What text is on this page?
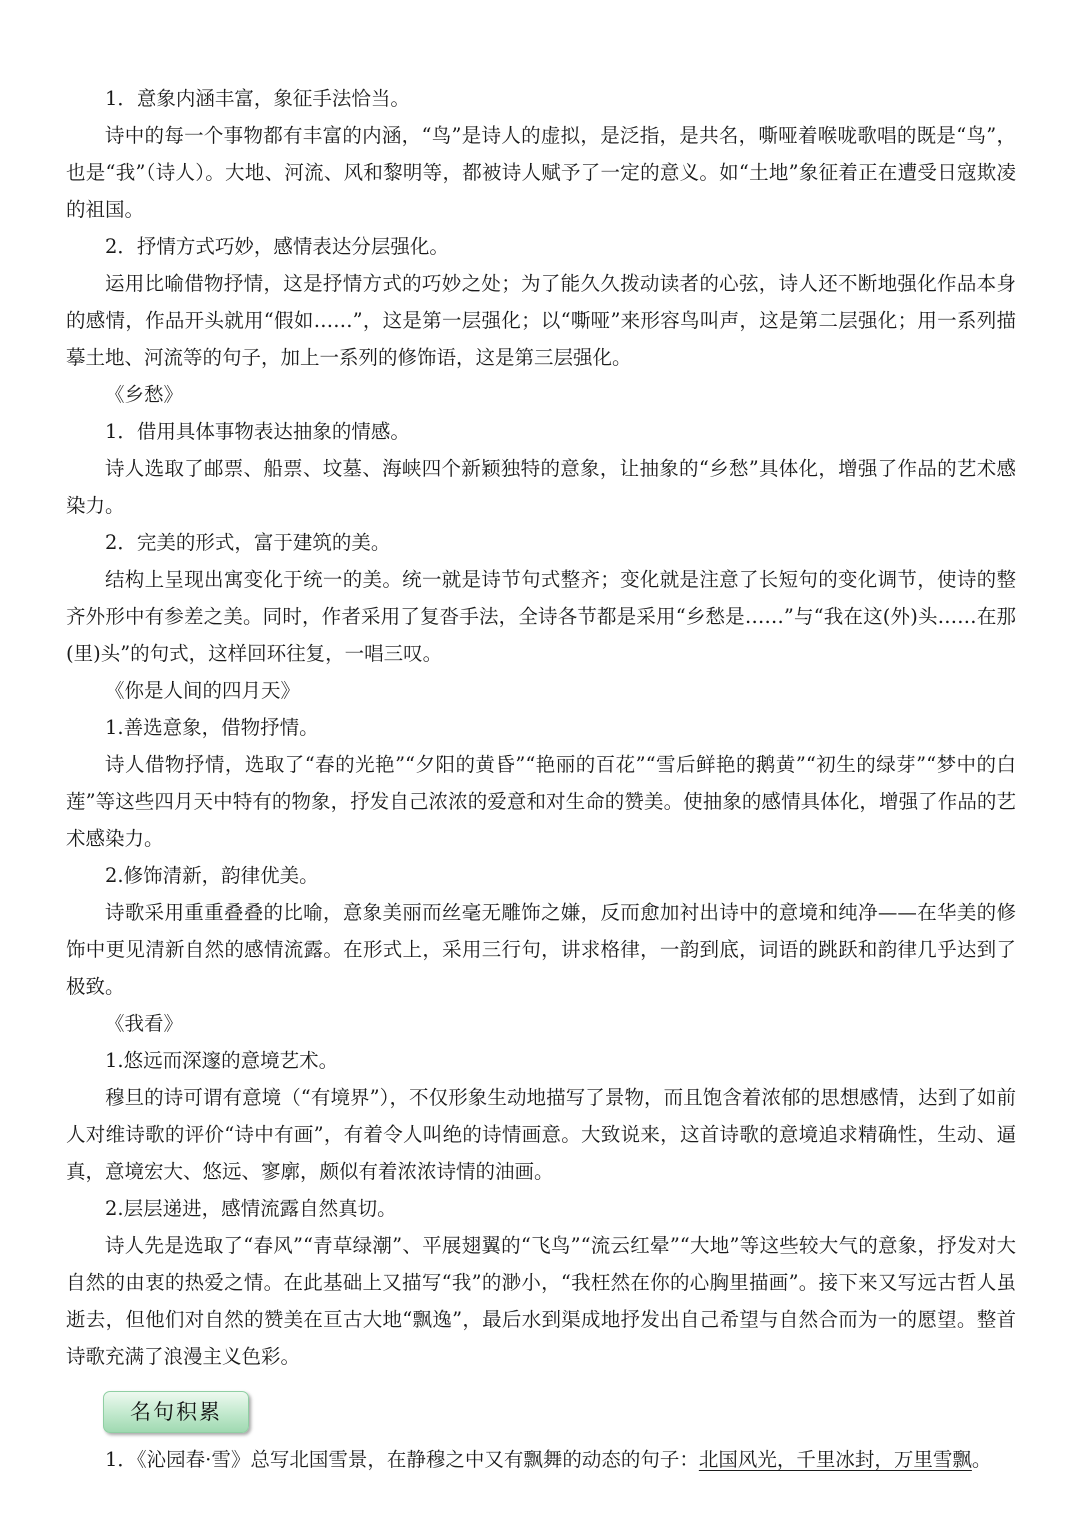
1．意象内涵丰富，象征手法恰当。

诗中的每一个事物都有丰富的内涵，“鸟”是诗人的虚拟，是泛指，是共名，嘶哑着喉咙歌唱的既是“鸟”，也是“我”（诗人）。大地、河流、风和黎明等，都被诗人赋予了一定的意义。如“土地”象征着正在遭受日寇欺凌的祖国。

2．抒情方式巧妙，感情表达分层强化。

运用比喻借物抒情，这是抒情方式的巧妙之处；为了能久久拨动读者的心弦，诗人还不断地强化作品本身的感情，作品开头就用“假如……”，这是第一层强化；以“嘶哑”来形容鸟叫声，这是第二层强化；用一系列描摹土地、河流等的句子，加上一系列的修饰语，这是第三层强化。

《乡愁》

1．借用具体事物表达抽象的情感。

诗人选取了邮票、船票、坟墓、海峡四个新颖独特的意象，让抽象的“乡愁”具体化，增强了作品的艺术感染力。

2．完美的形式，富于建筑的美。

结构上呈现出寓变化于统一的美。统一就是诗节句式整齐；变化就是注意了长短句的变化调节，使诗的整齐外形中有参差之美。同时，作者采用了复沓手法，全诗各节都是采用“乡愁是……”与“我在这(外)头……在那(里)头”的句式，这样回环往复，一唱三叹。

《你是人间的四月天》

1.善选意象，借物抒情。

诗人借物抒情，选取了“春的光艳”“夕阳的黄昏”“艳丽的百花”“雪后鲜艳的鹅黄”“初生的绿芽”“梦中的白莲”等这些四月天中特有的物象，抒发自己浓浓的爱意和对生命的赞美。使抽象的感情具体化，增强了作品的艺术感染力。

2.修饰清新，韵律优美。

诗歌采用重重叠叠的比喻，意象美丽而丝毫无雕饰之嫌，反而愈加衬出诗中的意境和纯净——在华美的修饰中更见清新自然的感情流露。在形式上，采用三行句，讲求格律，一韵到底，词语的跳跃和韵律几乎达到了极致。

《我看》

1.悠远而深邃的意境艺术。

穆旦的诗可谓有意境（“有境界”），不仅形象生动地描写了景物，而且饱含着浓郁的思想感情，达到了如前人对维诗歌的评价“诗中有画”，有着令人叫绝的诗情画意。大致说来，这首诗歌的意境追求精确性，生动、逼真，意境宏大、悠远、寥廓，颇似有着浓浓诗情的油画。

2.层层递进，感情流露自然真切。

诗人先是选取了“春风”“青草绿潮”、平展翅翼的“飞鸟”“流云红晕”“大地”等这些较大气的意象，抒发对大自然的由衷的热爱之情。在此基础上又描写“我”的渺小，“我枉然在你的心胸里描画”。接下来又写远古哲人虽逝去，但他们对自然的赞美在亘古大地“飘逸”，最后水到渠成地抒发出自己希望与自然合而为一的愿望。整首诗歌充满了浪漫主义色彩。

名句积累

1．《沁园春·雪》总写北国雪景，在静穆之中又有飘舞的动态的句子：北国风光，千里冰封，万里雪飘。
